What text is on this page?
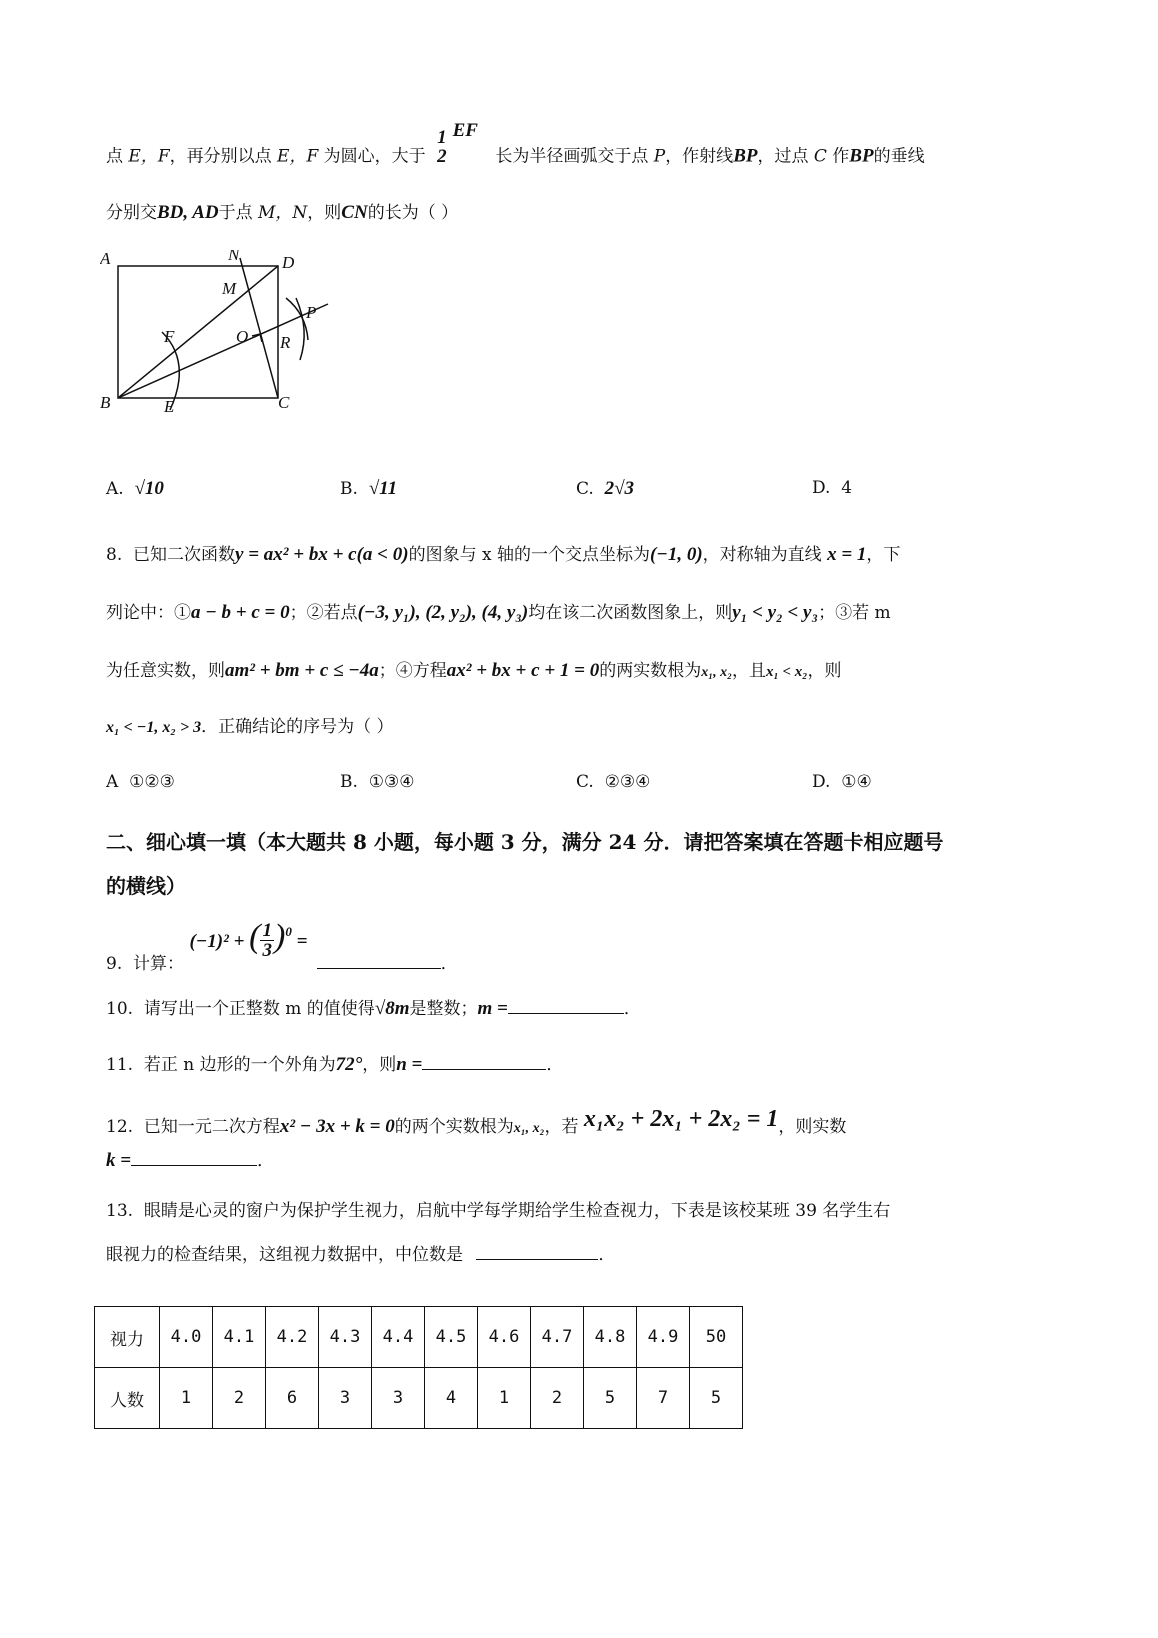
点 E，F，再分别以点 E，F 为圆心，大于
1
2
EF 长为半径画弧交于点 P，作射线BP，过点 C 作BP的垂线
分别交BD, AD于点 M，N，则CN的长为（ ）
A
B	C
D
N
M
O
F
E
P
R
A. √10	B. √11	C. 2√3	D. 4
8. 已知二次函数y = ax² + bx + c(a < 0)的图象与 x 轴的一个交点坐标为(−1, 0)，对称轴为直线 x = 1，下
列论中：①a − b + c = 0；②若点(−3, y₁), (2, y₂), (4, y₃)均在该二次函数图象上，则y₁ < y₂ < y₃；③若 m
为任意实数，则am² + bm + c ≤ −4a；④方程ax² + bx + c + 1 = 0的两实数根为x₁, x₂，且x₁ < x₂，则
x₁ < −1, x₂ > 3．正确结论的序号为（ ）
A ①②③	B. ①③④	C. ②③④	D. ①④
二、细心填一填（本大题共 8 小题，每小题 3 分，满分 24 分．请把答案填在答题卡相应题号
的横线）
9. 计算： (−1)² + ( $\frac{1}{3} )^0$ = ．
10. 请写出一个正整数 m 的值使得√8m是整数；m =	．
11. 若正 n 边形的一个外角为72°，则n =	．
12. 已知一元二次方程x² − 3x + k = 0的两个实数根为x₁, x₂，若 x₁x₂ + 2x₁ + 2x₂ = 1，则实数
k =	．
13. 眼睛是心灵的窗户为保护学生视力，启航中学每学期给学生检查视力，下表是该校某班 39 名学生右
眼视力的检查结果，这组视力数据中，中位数是	．
视力	4.0	4.1	4.2	4.3	4.4	4.5	4.6	4.7	4.8	4.9	50
人数	1	2	6	3	3	4	1	2	5	7	5
